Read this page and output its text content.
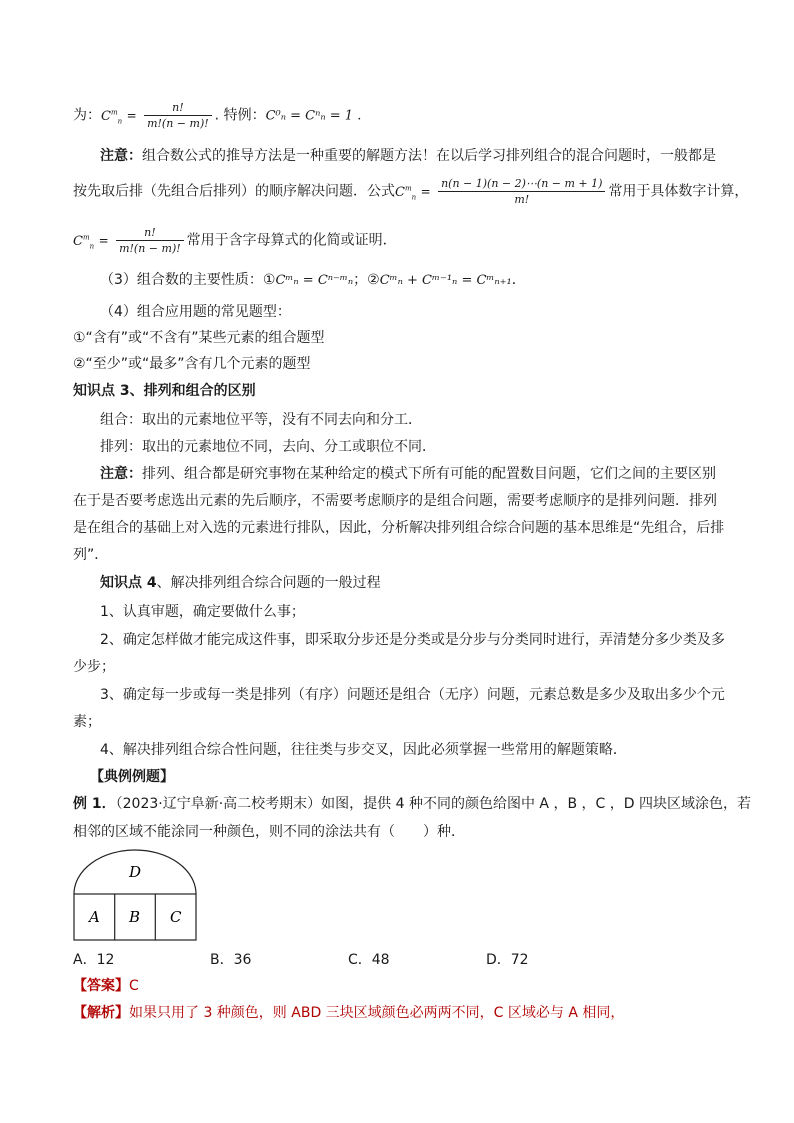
为：$C^m_n = \frac{n!}{m!(n - m)!}$ . 特例：C⁰ₙ = Cⁿₙ = 1 .
注意：组合数公式的推导方法是一种重要的解题方法！在以后学习排列组合的混合问题时，一般都是
按先取后排（先组合后排列）的顺序解决问题．公式$C^m_n = \frac{n(n - 1)(n - 2)\cdots(n - m + 1)}{m!}$ 常用于具体数字计算，
$C^m_n = \frac{n!}{m!(n - m)!}$ 常用于含字母算式的化简或证明．
（3）组合数的主要性质：①Cᵐₙ = Cⁿ⁻ᵐₙ；②Cᵐₙ + Cᵐ⁻¹ₙ = Cᵐₙ₊₁．
（4）组合应用题的常见题型：
①“含有”或“不含有”某些元素的组合题型
②“至少”或“最多”含有几个元素的题型
知识点 3、排列和组合的区别
组合：取出的元素地位平等，没有不同去向和分工．
排列：取出的元素地位不同，去向、分工或职位不同．
注意：排列、组合都是研究事物在某种给定的模式下所有可能的配置数目问题，它们之间的主要区别
在于是否要考虑选出元素的先后顺序，不需要考虑顺序的是组合问题，需要考虑顺序的是排列问题．排列
是在组合的基础上对入选的元素进行排队，因此，分析解决排列组合综合问题的基本思维是“先组合，后排
列”．
知识点 4、解决排列组合综合问题的一般过程
1、认真审题，确定要做什么事；
2、确定怎样做才能完成这件事，即采取分步还是分类或是分步与分类同时进行，弄清楚分多少类及多
少步；
3、确定每一步或每一类是排列（有序）问题还是组合（无序）问题，元素总数是多少及取出多少个元
素；
4、解决排列组合综合性问题，往往类与步交叉，因此必须掌握一些常用的解题策略．
【典例例题】
例 1．（2023·辽宁阜新·高二校考期末）如图，提供 4 种不同的颜色给图中 A ，B ，C ，D 四块区域涂色，若
相邻的区域不能涂同一种颜色，则不同的涂法共有（　　）种．
D
A B C
A．12	B．36	C．48	D．72
【答案】C
【解析】如果只用了 3 种颜色，则 ABD 三块区域颜色必两两不同，C 区域必与 A 相同，
